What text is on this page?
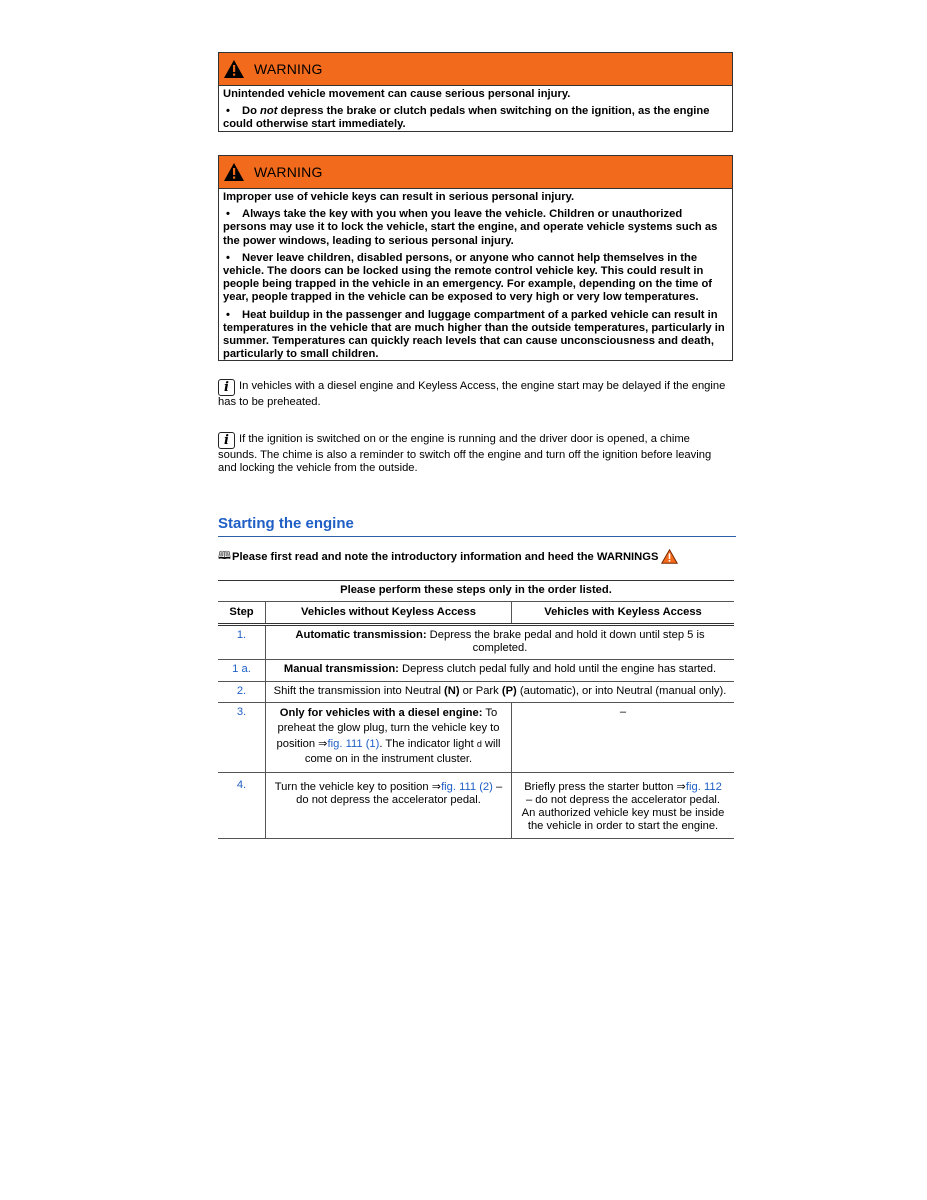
WARNING

Unintended vehicle movement can cause serious personal injury.

• Do not depress the brake or clutch pedals when switching on the ignition, as the engine could otherwise start immediately.

WARNING

Improper use of vehicle keys can result in serious personal injury.

• Always take the key with you when you leave the vehicle. Children or unauthorized persons may use it to lock the vehicle, start the engine, and operate vehicle systems such as the power windows, leading to serious personal injury.

• Never leave children, disabled persons, or anyone who cannot help themselves in the vehicle. The doors can be locked using the remote control vehicle key. This could result in people being trapped in the vehicle in an emergency. For example, depending on the time of year, people trapped in the vehicle can be exposed to very high or very low temperatures.

• Heat buildup in the passenger and luggage compartment of a parked vehicle can result in temperatures in the vehicle that are much higher than the outside temperatures, particularly in summer. Temperatures can quickly reach levels that can cause unconsciousness and death, particularly to small children.

i In vehicles with a diesel engine and Keyless Access, the engine start may be delayed if the engine has to be preheated.
i If the ignition is switched on or the engine is running and the driver door is opened, a chime sounds. The chime is also a reminder to switch off the engine and turn off the ignition before leaving and locking the vehicle from the outside.
Starting the engine
🕮 Please first read and note the introductory information and heed the WARNINGS
Please perform these steps only in the order listed.		
Step	Vehicles without Keyless Access	Vehicles with Keyless Access
1.	Automatic transmission: Depress the brake pedal and hold it down until step 5 is completed.	
1 a.	Manual transmission: Depress clutch pedal fully and hold until the engine has started.	
2.	Shift the transmission into Neutral (N) or Park (P) (automatic), or into Neutral (manual only).	
3.	Only for vehicles with a diesel engine: To preheat the glow plug, turn the vehicle key to position ⇒fig. 111 (1). The indicator light d will come on in the instrument cluster.	–
4.	Turn the vehicle key to position ⇒fig. 111 (2) – do not depress the accelerator pedal.	Briefly press the starter button ⇒fig. 112 – do not depress the accelerator pedal. An authorized vehicle key must be inside the vehicle in order to start the engine.
